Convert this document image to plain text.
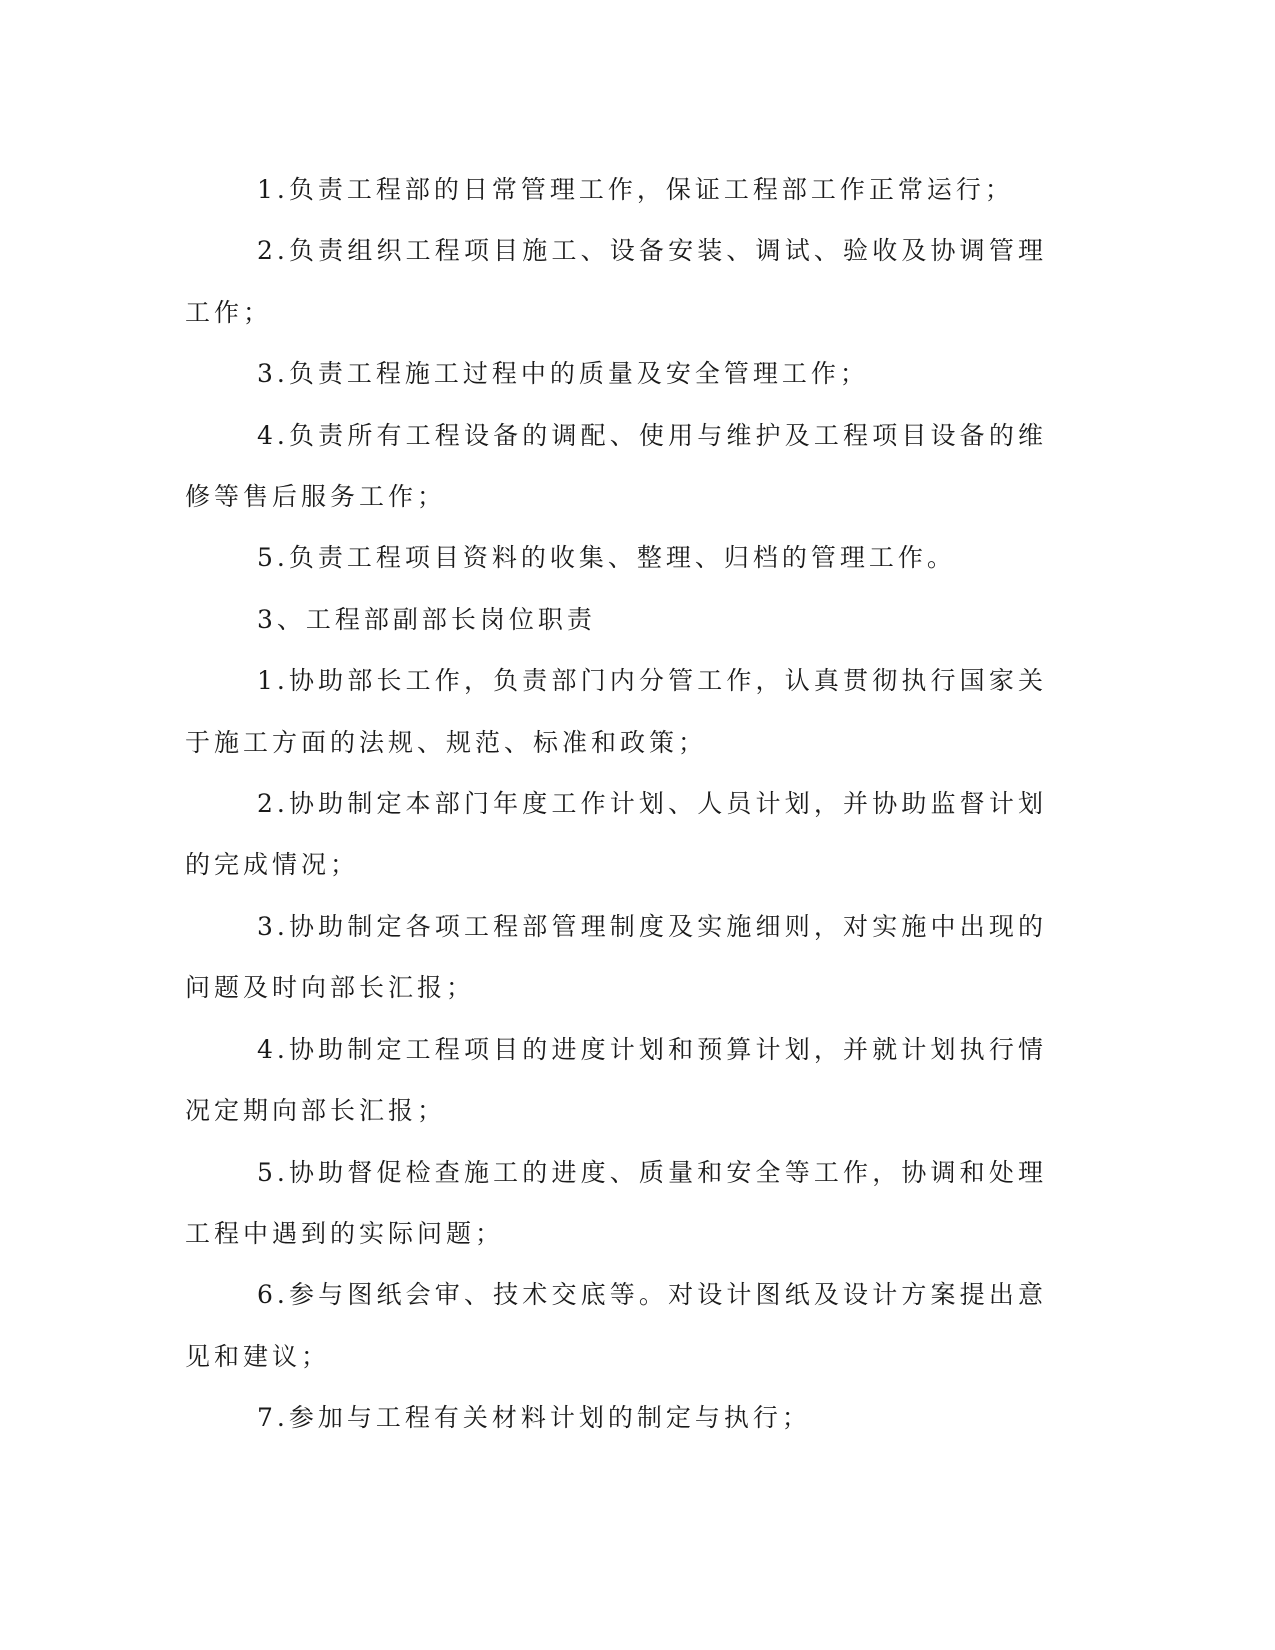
1.负责工程部的日常管理工作，保证工程部工作正常运行；

2.负责组织工程项目施工、设备安装、调试、验收及协调管理工作；

3.负责工程施工过程中的质量及安全管理工作；

4.负责所有工程设备的调配、使用与维护及工程项目设备的维修等售后服务工作；

5.负责工程项目资料的收集、整理、归档的管理工作。

3、工程部副部长岗位职责

1.协助部长工作，负责部门内分管工作，认真贯彻执行国家关于施工方面的法规、规范、标准和政策；

2.协助制定本部门年度工作计划、人员计划，并协助监督计划的完成情况；

3.协助制定各项工程部管理制度及实施细则，对实施中出现的问题及时向部长汇报；

4.协助制定工程项目的进度计划和预算计划，并就计划执行情况定期向部长汇报；

5.协助督促检查施工的进度、质量和安全等工作，协调和处理工程中遇到的实际问题；

6.参与图纸会审、技术交底等。对设计图纸及设计方案提出意见和建议；

7.参加与工程有关材料计划的制定与执行；
